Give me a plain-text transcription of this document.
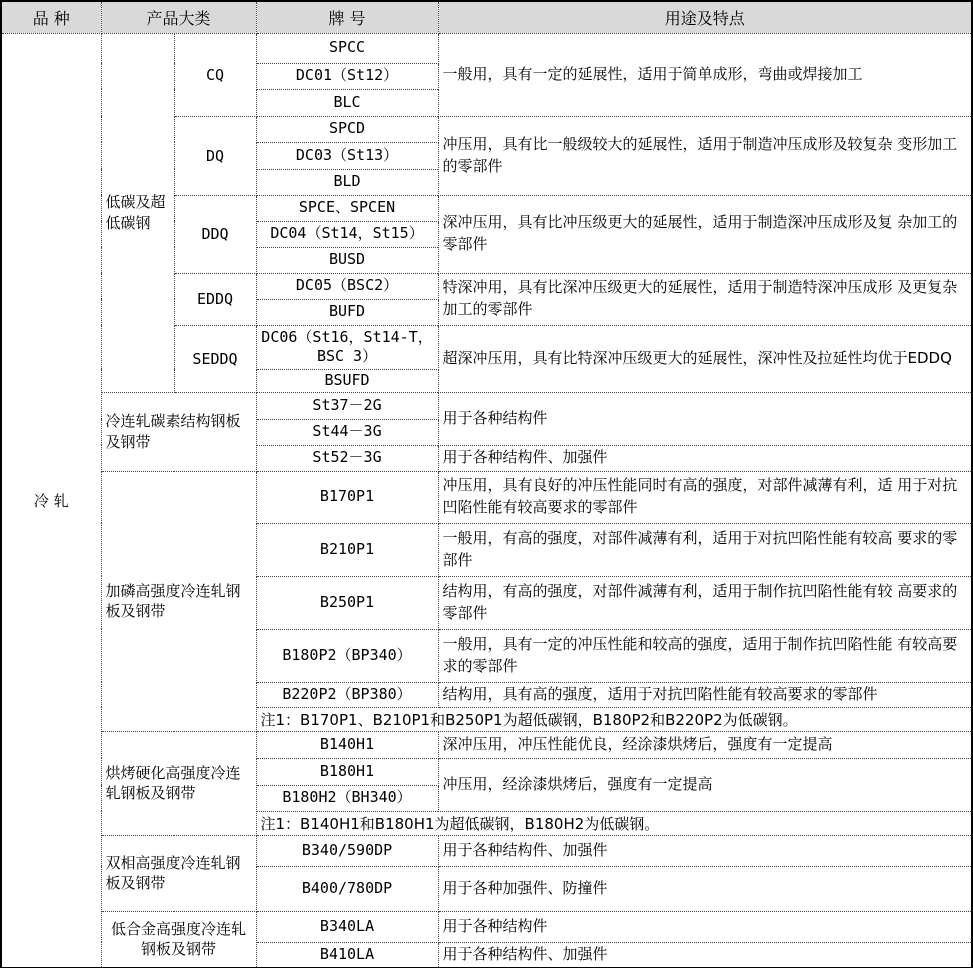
品 种	产品大类		牌 号	用途及特点
冷 轧	低碳及超低碳钢	CQ	SPCC	一般用，具有一定的延展性，适用于简单成形，弯曲或焊接加工
			DC01（St12）	
			BLC	
		DQ	SPCD	冲压用，具有比一般级较大的延展性，适用于制造冲压成形及较复杂 变形加工的零部件
			DC03（St13）	
			BLD	
		DDQ	SPCE、SPCEN	深冲压用，具有比冲压级更大的延展性，适用于制造深冲压成形及复 杂加工的零部件
			DC04（St14，St15）	
			BUSD	
		EDDQ	DC05（BSC2）	特深冲用，具有比深冲压级更大的延展性，适用于制造特深冲压成形 及更复杂加工的零部件
			BUFD	
		SEDDQ	DC06（St16，St14-T，BSC 3）	超深冲压用，具有比特深冲压级更大的延展性，深冲性及拉延性均优于EDDQ
			BSUFD	
	冷连轧碳素结构钢板及钢带		St37－2G	用于各种结构件
			St44－3G	
			St52－3G	用于各种结构件、加强件
	加磷高强度冷连轧钢板及钢带		B170P1	冲压用，具有良好的冲压性能同时有高的强度，对部件减薄有利，适 用于对抗凹陷性能有较高要求的零部件
			B210P1	一般用，有高的强度，对部件减薄有利，适用于对抗凹陷性能有较高 要求的零部件
			B250P1	结构用，有高的强度，对部件减薄有利，适用于制作抗凹陷性能有较 高要求的零部件
			B180P2（BP340）	一般用，具有一定的冲压性能和较高的强度，适用于制作抗凹陷性能 有较高要求的零部件
			B220P2（BP380）	结构用，具有高的强度，适用于对抗凹陷性能有较高要求的零部件
			注1：B170P1、B210P1和B250P1为超低碳钢，B180P2和B220P2为低碳钢。	
	烘烤硬化高强度冷连轧钢板及钢带		B140H1	深冲压用，冲压性能优良，经涂漆烘烤后，强度有一定提高
			B180H1	冲压用，经涂漆烘烤后，强度有一定提高
			B180H2（BH340）	
			注1：B140H1和B180H1为超低碳钢，B180H2为低碳钢。	
	双相高强度冷连轧钢板及钢带		B340/590DP	用于各种结构件、加强件
			B400/780DP	用于各种加强件、防撞件
	低合金高强度冷连轧钢板及钢带		B340LA	用于各种结构件
			B410LA	用于各种结构件、加强件
